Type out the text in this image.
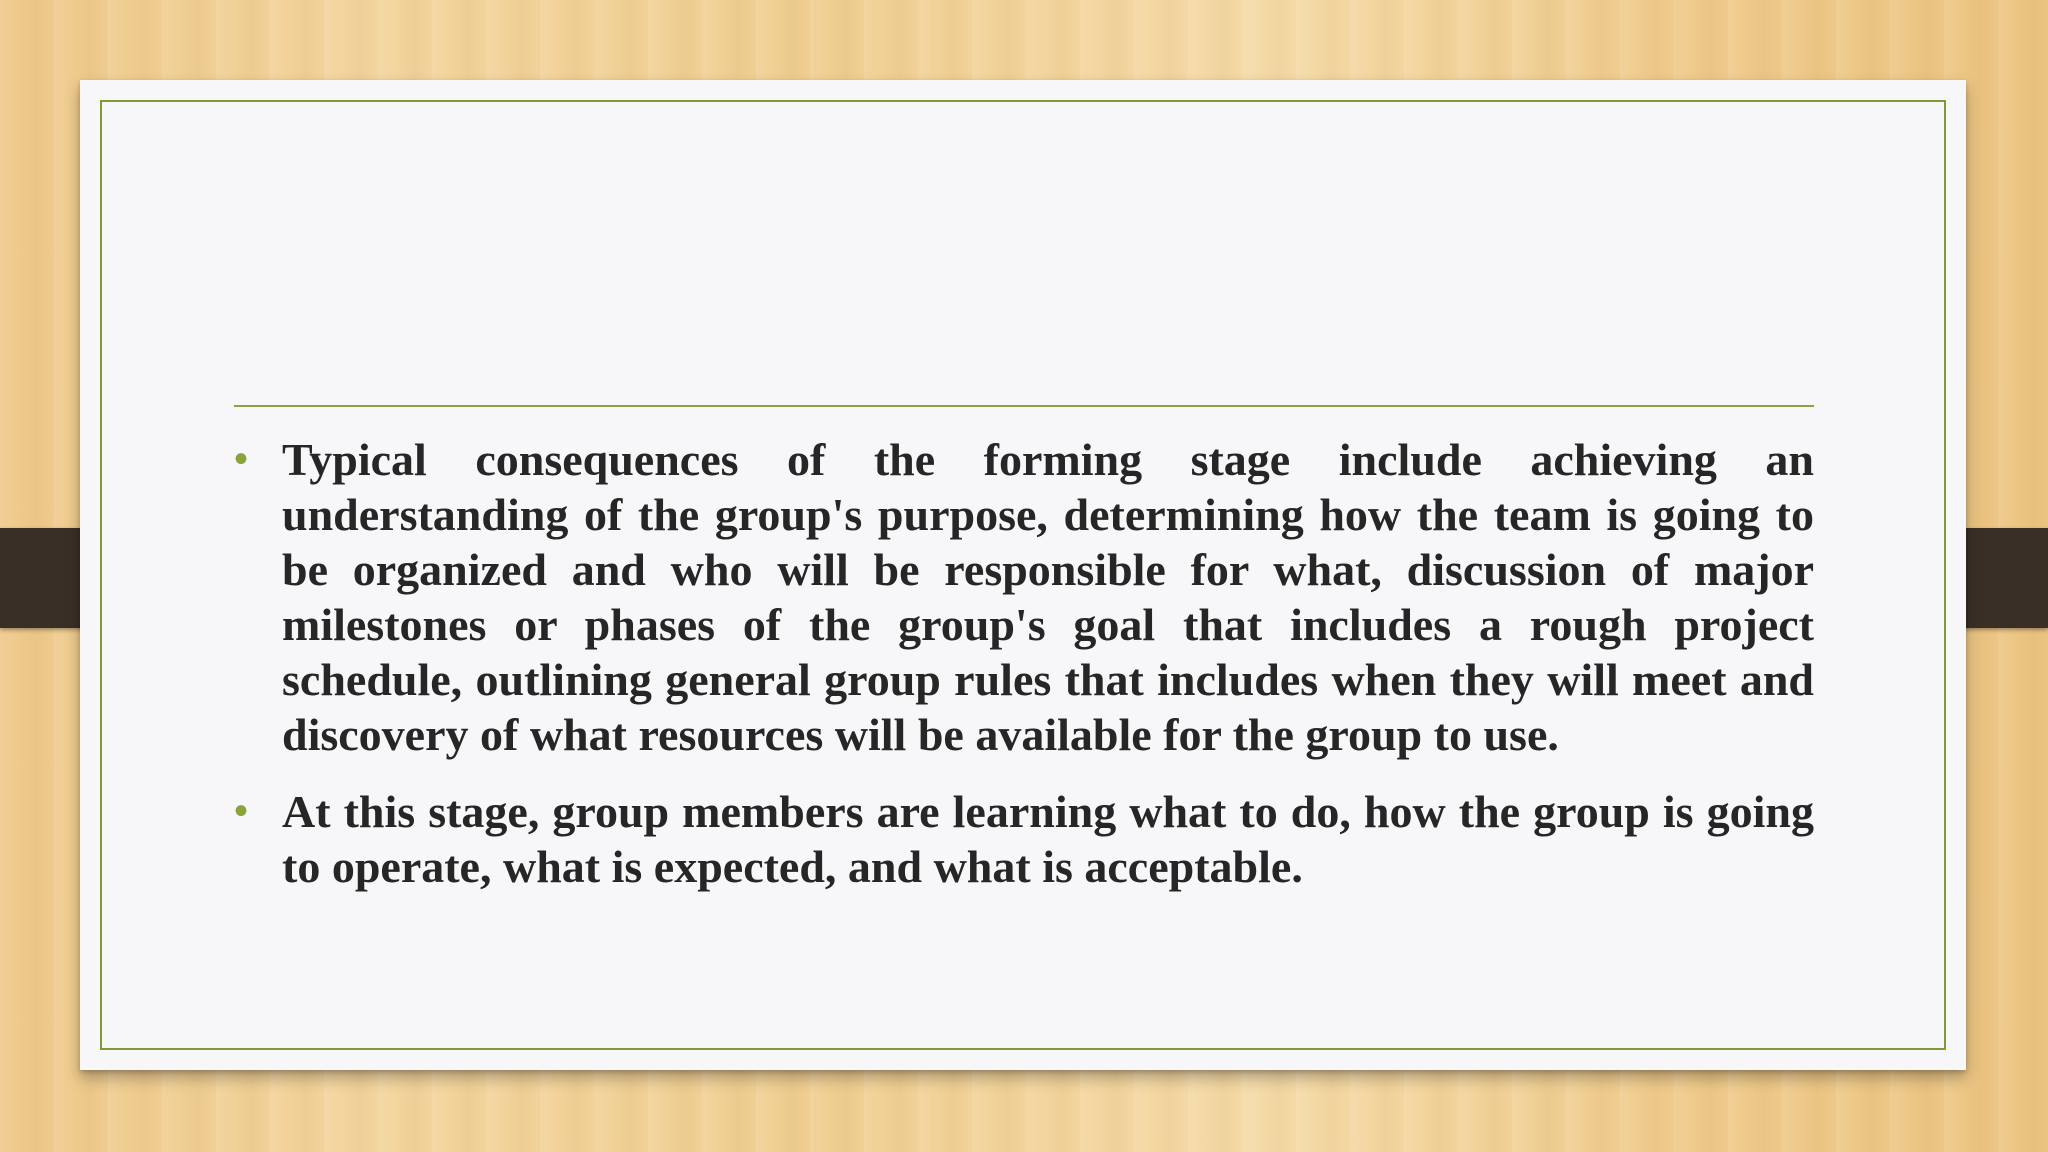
• Typical consequences of the forming stage include achieving an understanding of the group's purpose, determining how the team is going to be organized and who will be responsible for what, discussion of major milestones or phases of the group's goal that includes a rough project schedule, outlining general group rules that includes when they will meet and discovery of what resources will be available for the group to use.
• At this stage, group members are learning what to do, how the group is going to operate, what is expected, and what is acceptable.
